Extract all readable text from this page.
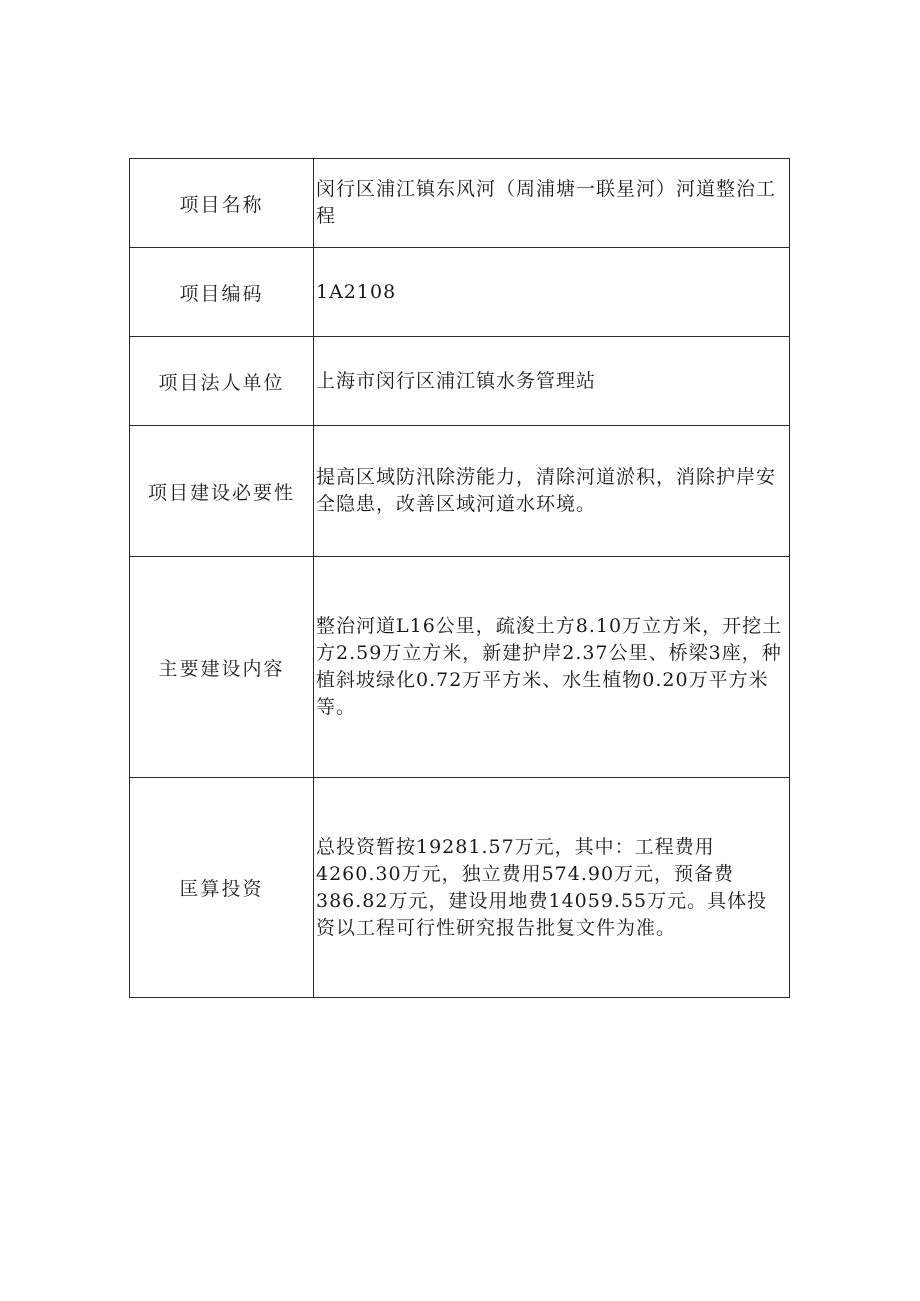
项目名称	闵行区浦江镇东风河（周浦塘一联星河）河道整治工程
项目编码	1A2108
项目法人单位	上海市闵行区浦江镇水务管理站
项目建设必要性	提高区域防汛除涝能力，清除河道淤积，消除护岸安全隐患，改善区域河道水环境。
主要建设内容	整治河道L16公里，疏浚土方8.10万立方米，开挖土方2.59万立方米，新建护岸2.37公里、桥梁3座，种植斜坡绿化0.72万平方米、水生植物0.20万平方米等。
匡算投资	总投资暂按19281.57万元，其中：工程费用4260.30万元，独立费用574.90万元，预备费386.82万元，建设用地费14059.55万元。具体投资以工程可行性研究报告批复文件为准。
